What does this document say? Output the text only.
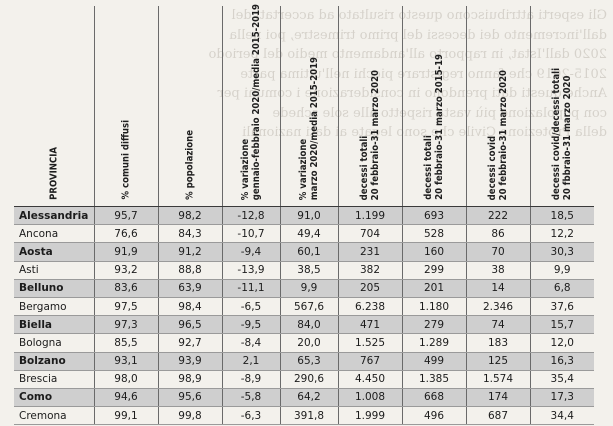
Gli esperti attribuiscono questo risultato ad accertati del
dall'incremento dei decessi del primo trimestre, poi nella
2020 dall'Istat, in rapporto all'andamento medio del periodo
2015-2019 che fanno registrare picchi nell'ultima parte
Anche questi dati prendono in considerazione i comuni per
con popolazione più vasta rispetto alle sole schede
della Protezione Civile che sono legate ai dati nazionali
PROVINCIA	% comuni diffusi	% popolazione	% variazione
gennaio-febbraio 2020/media 2015-2019	% variazione
marzo 2020/media 2015-2019	decessi totali
20 febbraio-31 marzo 2020	decessi totali
20 febbraio-31 marzo 2015-19	decessi covid
20 febbraio-31 marzo 2020	decessi covid/decessi totali
20 fbbraio-31 marzo 2020

Alessandria	95,7	98,2	-12,8	91,0	1.199	693	222	18,5
Ancona	76,6	84,3	-10,7	49,4	704	528	86	12,2
Aosta	91,9	91,2	-9,4	60,1	231	160	70	30,3
Asti	93,2	88,8	-13,9	38,5	382	299	38	9,9
Belluno	83,6	63,9	-11,1	9,9	205	201	14	6,8
Bergamo	97,5	98,4	-6,5	567,6	6.238	1.180	2.346	37,6
Biella	97,3	96,5	-9,5	84,0	471	279	74	15,7
Bologna	85,5	92,7	-8,4	20,0	1.525	1.289	183	12,0
Bolzano	93,1	93,9	2,1	65,3	767	499	125	16,3
Brescia	98,0	98,9	-8,9	290,6	4.450	1.385	1.574	35,4
Como	94,6	95,6	-5,8	64,2	1.008	668	174	17,3
Cremona	99,1	99,8	-6,3	391,8	1.999	496	687	34,4
